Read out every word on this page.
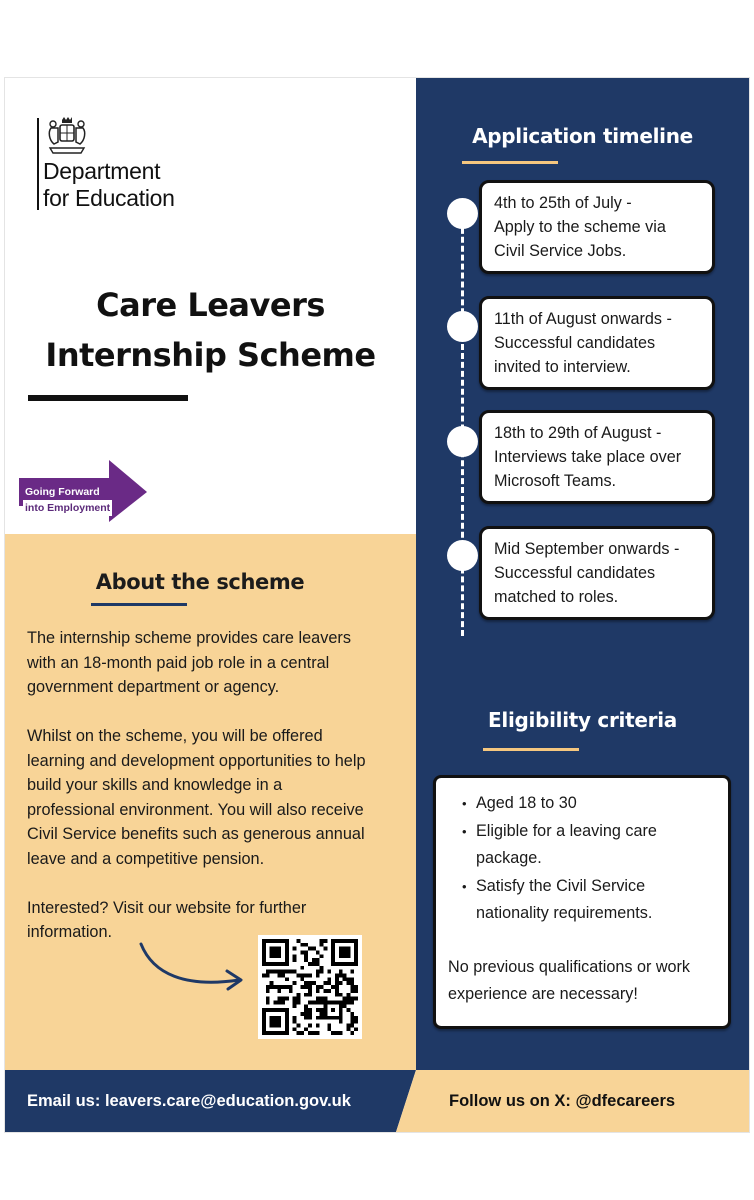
Department
for Education
Care Leavers
Internship Scheme
Going Forward
into Employment
About the scheme

The internship scheme provides care leavers
with an 18-month paid job role in a central
government department or agency.

Whilst on the scheme, you will be offered
learning and development opportunities to help
build your skills and knowledge in a
professional environment. You will also receive
Civil Service benefits such as generous annual
leave and a competitive pension.

Interested? Visit our website for further
information.

Application timeline
4th to 25th of July -
Apply to the scheme via
Civil Service Jobs.
11th of August onwards -
Successful candidates
invited to interview.
18th to 29th of August -
Interviews take place over
Microsoft Teams.
Mid September onwards -
Successful candidates
matched to roles.
Eligibility criteria
• Aged 18 to 30
• Eligible for a leaving care
package.
• Satisfy the Civil Service
nationality requirements.
No previous qualifications or work
experience are necessary!
Email us: leavers.care@education.gov.uk	Follow us on X: @dfecareers
